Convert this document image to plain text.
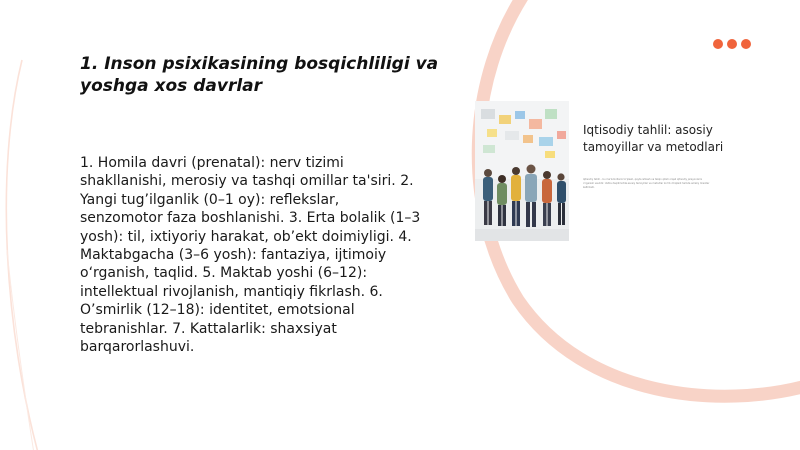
1. Inson psixikasining bosqichliligi va yoshga xos davrlar

1. Homila davri (prenatal): nerv tizimi shakllanishi, merosiy va tashqi omillar ta'siri. 2. Yangi tug’ilganlik (0–1 oy): reflekslar, senzomotor faza boshlanishi. 3. Erta bolalik (1–3 yosh): til, ixtiyoriy harakat, ob’ekt doimiyligi. 4. Maktabgacha (3–6 yosh): fantaziya, ijtimoiy o‘rganish, taqlid. 5. Maktab yoshi (6–12): intellektual rivojlanish, mantiqiy fikrlash. 6. O’smirlik (12–18): identitet, emotsional tebranishlar. 7. Kattalarlik: shaxsiyat barqarorlashuvi.

Iqtisodiy tahlil: asosiy tamoyillar va metodlari

Iqtisodiy tahlil – bu ma'lumotlarni to'plash, qayta ishlash va talqin qilish orqali iqtisodiy jarayonlarni o'rganish usulidir. Ushbu taqdimotda asosiy tamoyillar va metodlar ko'rib chiqiladi hamda amaliy misollar keltiriladi.
